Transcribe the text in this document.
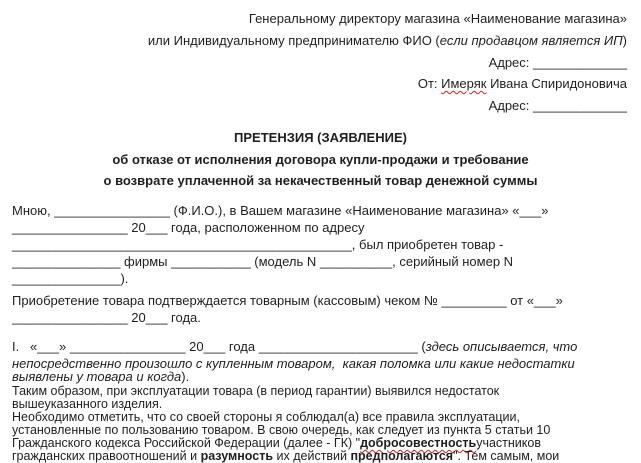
Генеральному директору магазина «Наименование магазина»
или Индивидуальному предпринимателю ФИО (если продавцом является ИП)
Адрес: _____________
От: Имеряк Ивана Спиридоновича
Адрес: _____________
ПРЕТЕНЗИЯ (ЗАЯВЛЕНИЕ)
об отказе от исполнения договора купли-продажи и требование
о возврате уплаченной за некачественный товар денежной суммы
Мною, ________________ (Ф.И.О.), в Вашем магазине «Наименование магазина» «___»
________________ 20___ года, расположенном по адресу
_______________________________________________, был приобретен товар -
_______________ фирмы ___________ (модель N __________, серийный номер N
_______________).
Приобретение товара подтверждается товарным (кассовым) чеком № _________ от «___»
________________ 20___ года.
I.   «___» ________________ 20___ года ______________________ (здесь описывается, что
непосредственно произошло с купленным товаром,  какая поломка или какие недостатки
выявлены у товара и когда).
Таким образом, при эксплуатации товара (в период гарантии) выявился недостаток
вышеуказанного изделия.
Необходимо отметить, что со своей стороны я соблюдал(а) все правила эксплуатации,
установленные по пользованию товаром. В свою очередь, как следует из пункта 5 статьи 10
Гражданского кодекса Российской Федерации (далее - ГК) "добросовестностьучастников
гражданских правоотношений и разумность их действий предполагаются". Тем самым, мои
